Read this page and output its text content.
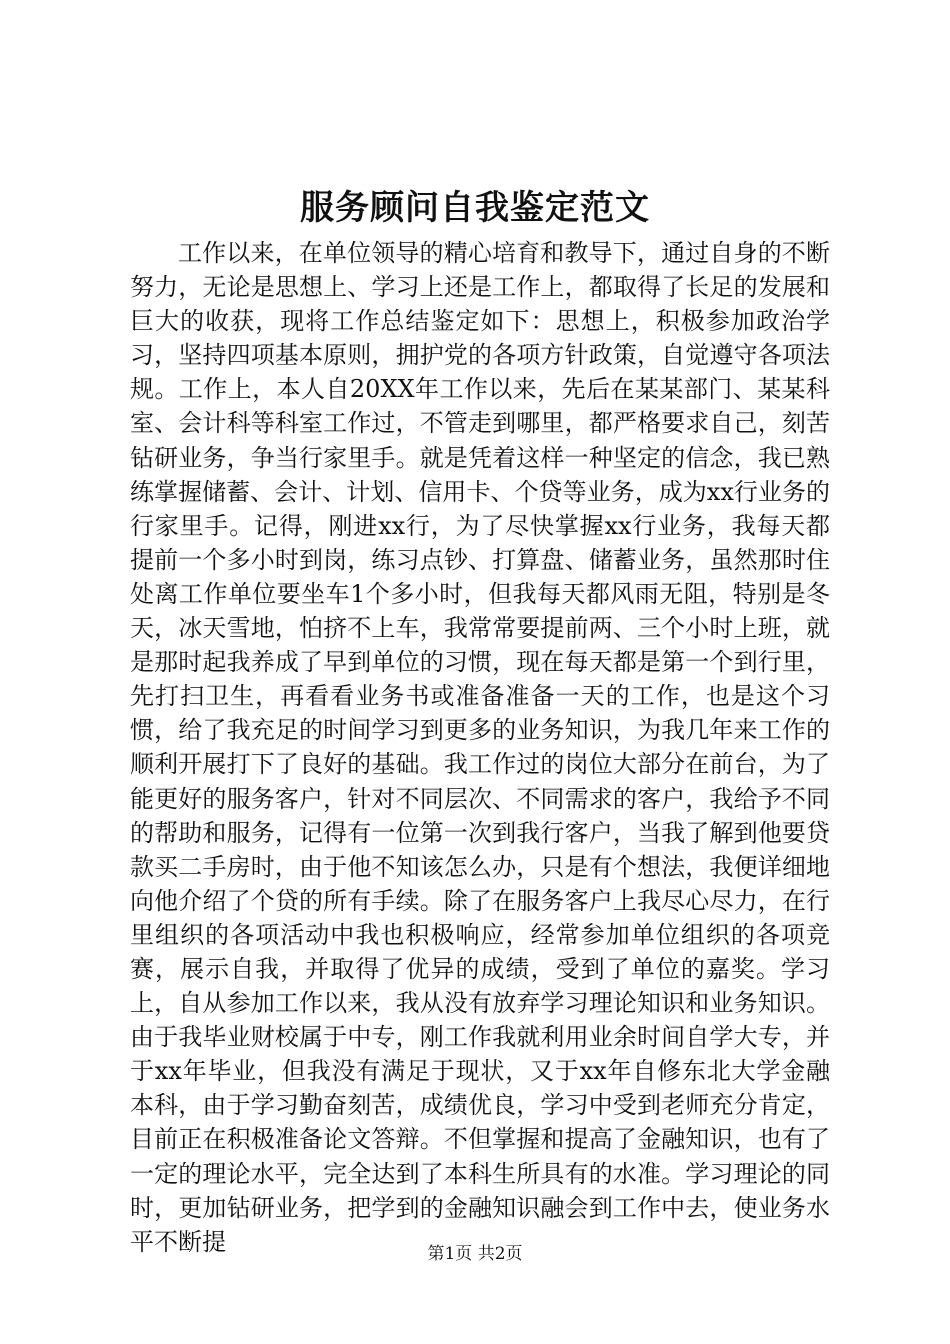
服务顾问自我鉴定范文

工作以来，在单位领导的精心培育和教导下，通过自身的不断努力，无论是思想上、学习上还是工作上，都取得了长足的发展和巨大的收获，现将工作总结鉴定如下：思想上，积极参加政治学习，坚持四项基本原则，拥护党的各项方针政策，自觉遵守各项法规。工作上，本人自20XX年工作以来，先后在某某部门、某某科室、会计科等科室工作过，不管走到哪里，都严格要求自己，刻苦钻研业务，争当行家里手。就是凭着这样一种坚定的信念，我已熟练掌握储蓄、会计、计划、信用卡、个贷等业务，成为xx行业务的行家里手。记得，刚进xx行，为了尽快掌握xx行业务，我每天都提前一个多小时到岗，练习点钞、打算盘、储蓄业务，虽然那时住处离工作单位要坐车1个多小时，但我每天都风雨无阻，特别是冬天，冰天雪地，怕挤不上车，我常常要提前两、三个小时上班，就是那时起我养成了早到单位的习惯，现在每天都是第一个到行里，先打扫卫生，再看看业务书或准备准备一天的工作，也是这个习惯，给了我充足的时间学习到更多的业务知识，为我几年来工作的顺利开展打下了良好的基础。我工作过的岗位大部分在前台，为了能更好的服务客户，针对不同层次、不同需求的客户，我给予不同的帮助和服务，记得有一位第一次到我行客户，当我了解到他要贷款买二手房时，由于他不知该怎么办，只是有个想法，我便详细地向他介绍了个贷的所有手续。除了在服务客户上我尽心尽力，在行里组织的各项活动中我也积极响应，经常参加单位组织的各项竞赛，展示自我，并取得了优异的成绩，受到了单位的嘉奖。学习上，自从参加工作以来，我从没有放弃学习理论知识和业务知识。由于我毕业财校属于中专，刚工作我就利用业余时间自学大专，并于xx年毕业，但我没有满足于现状，又于xx年自修东北大学金融本科，由于学习勤奋刻苦，成绩优良，学习中受到老师充分肯定，目前正在积极准备论文答辩。不但掌握和提高了金融知识，也有了一定的理论水平，完全达到了本科生所具有的水准。学习理论的同时，更加钻研业务，把学到的金融知识融会到工作中去，使业务水平不断提	第1页 共2页
